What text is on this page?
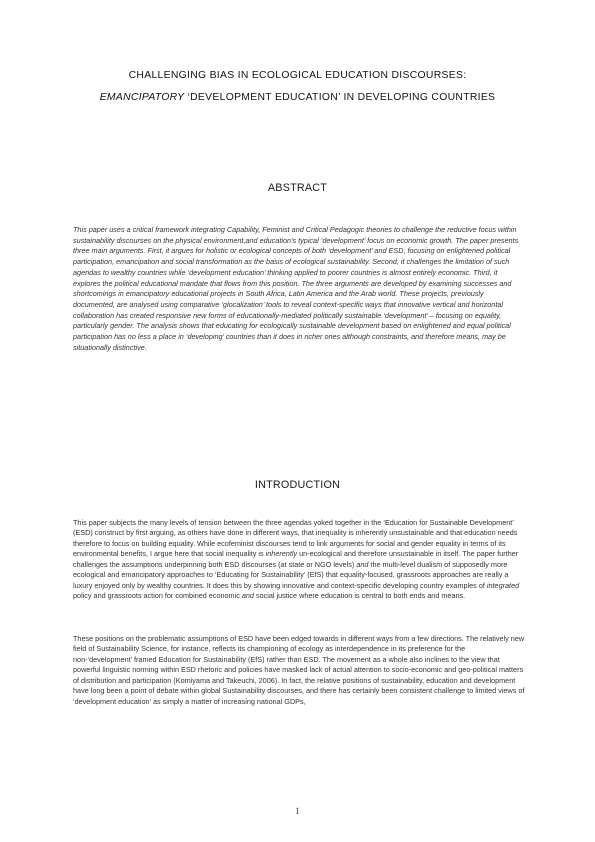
CHALLENGING BIAS IN ECOLOGICAL EDUCATION DISCOURSES:
EMANCIPATORY ‘DEVELOPMENT EDUCATION’ IN DEVELOPING COUNTRIES
ABSTRACT

This paper uses a critical framework integrating Capability, Feminist and Critical Pedagogic theories to challenge the reductive focus within sustainability discourses on the physical environment,and education’s typical ‘development’ focus on economic growth. The paper presents three main arguments. First, it argues for holistic or ecological concepts of both ‘development’ and ESD, focusing on enlightened political participation, emancipation and social transformation as the basis of ecological sustainability. Second, it challenges the limitation of such agendas to wealthy countries while ‘development education’ thinking applied to poorer countries is almost entirely economic. Third, it explores the political educational mandate that flows from this position. The three arguments are developed by examining successes and shortcomings in emancipatory educational projects in South Africa, Latin America and the Arab world. These projects, previously documented, are analysed using comparative ‘glocalization’ tools to reveal context-specific ways that innovative vertical and horizontal collaboration has created responsive new forms of educationally-mediated politically sustainable ‘development’ – focusing on equality, particularly gender. The analysis shows that educating for ecologically sustainable development based on enlightened and equal political participation has no less a place in ‘developing’ countries than it does in richer ones although constraints, and therefore means, may be situationally distinctive.

INTRODUCTION

This paper subjects the many levels of tension between the three agendas yoked together in the ‘Education for Sustainable Development’ (ESD) construct by first arguing, as others have done in different ways, that inequality is inherently unsustainable and that education needs therefore to focus on building equality. While ecofeminist discourses tend to link arguments for social and gender equality in terms of its environmental benefits, I argue here that social inequality is inherently un-ecological and therefore unsustainable in itself. The paper further challenges the assumptions underpinning both ESD discourses (at state or NGO levels) and the multi-level dualism of supposedly more ecological and emancipatory approaches to ‘Educating for Sustainability’ (EfS) that equality-focused, grassroots approaches are really a luxury enjoyed only by wealthy countries. It does this by showing innovative and context-specific developing country examples of integrated policy and grassroots action for combined economic and social justice where education is central to both ends and means.

These positions on the problematic assumptions of ESD have been edged towards in different ways from a few directions. The relatively new field of Sustainability Science, for instance, reflects its championing of ecology as interdependence in its preference for the non-‘development’ framed Education for Sustainability (EfS) rather than ESD. The movement as a whole also inclines to the view that powerful linguistic norming within ESD rhetoric and policies have masked lack of actual attention to socio-economic and geo-political matters of distribution and participation (Komiyama and Takeuchi, 2006). In fact, the relative positions of sustainability, education and development have long been a point of debate within global Sustainability discourses, and there has certainly been consistent challenge to limited views of ‘development education’ as simply a matter of increasing national GDPs,

1
